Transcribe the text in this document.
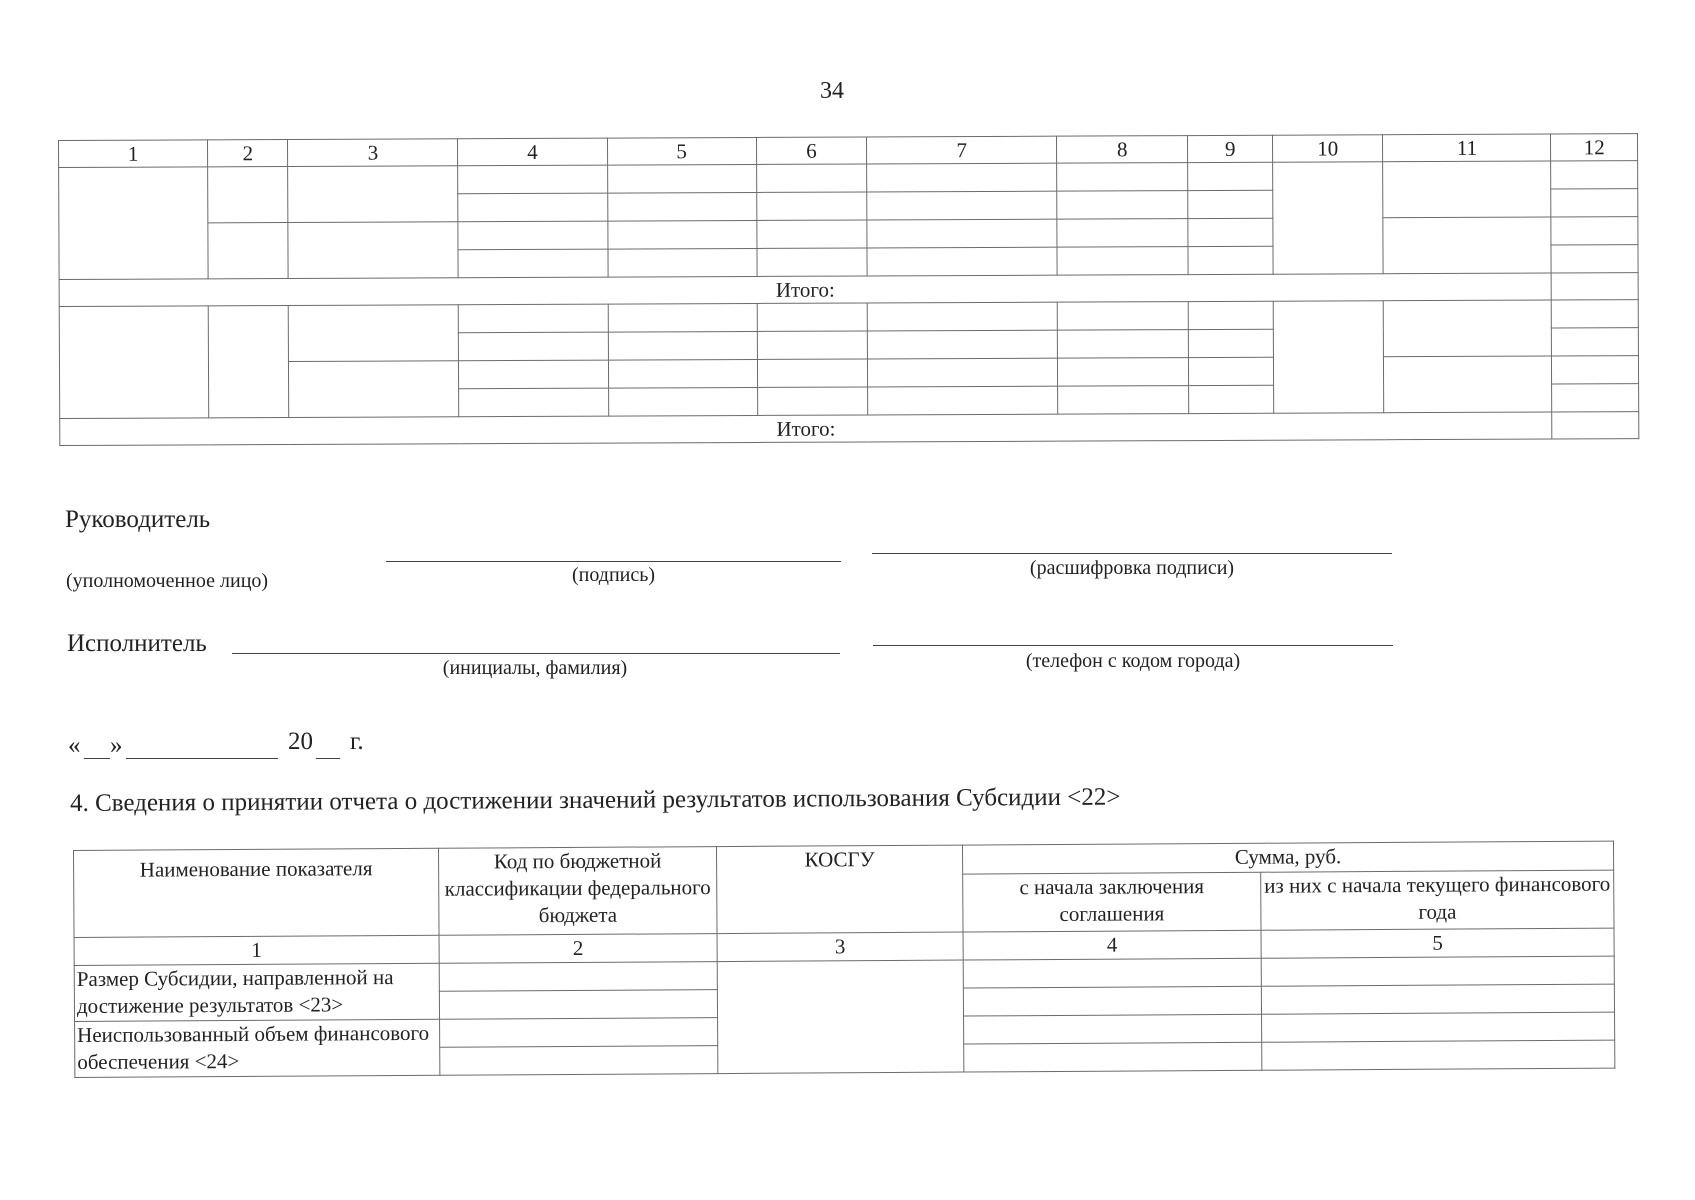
34
1	2	3	4	5	6	7	8	9	10	11	12

Итого:											

Итого:											
Руководитель
(уполномоченное лицо)	(подпись)	(расшифровка подписи)
Исполнитель
(инициалы, фамилия)	(телефон с кодом города)
« »	20 г.
4. Сведения о принятии отчета о достижении значений результатов использования Субсидии <22>
Наименование показателя	Код по бюджетной классификации федерального бюджета	КОСГУ	Сумма, руб.	
			с начала заключения соглашения	из них с начала текущего финансового года
1	2	3	4	5
Размер Субсидии, направленной на достижение результатов <23>				

Неиспользованный объем финансового обеспечения <24>				
